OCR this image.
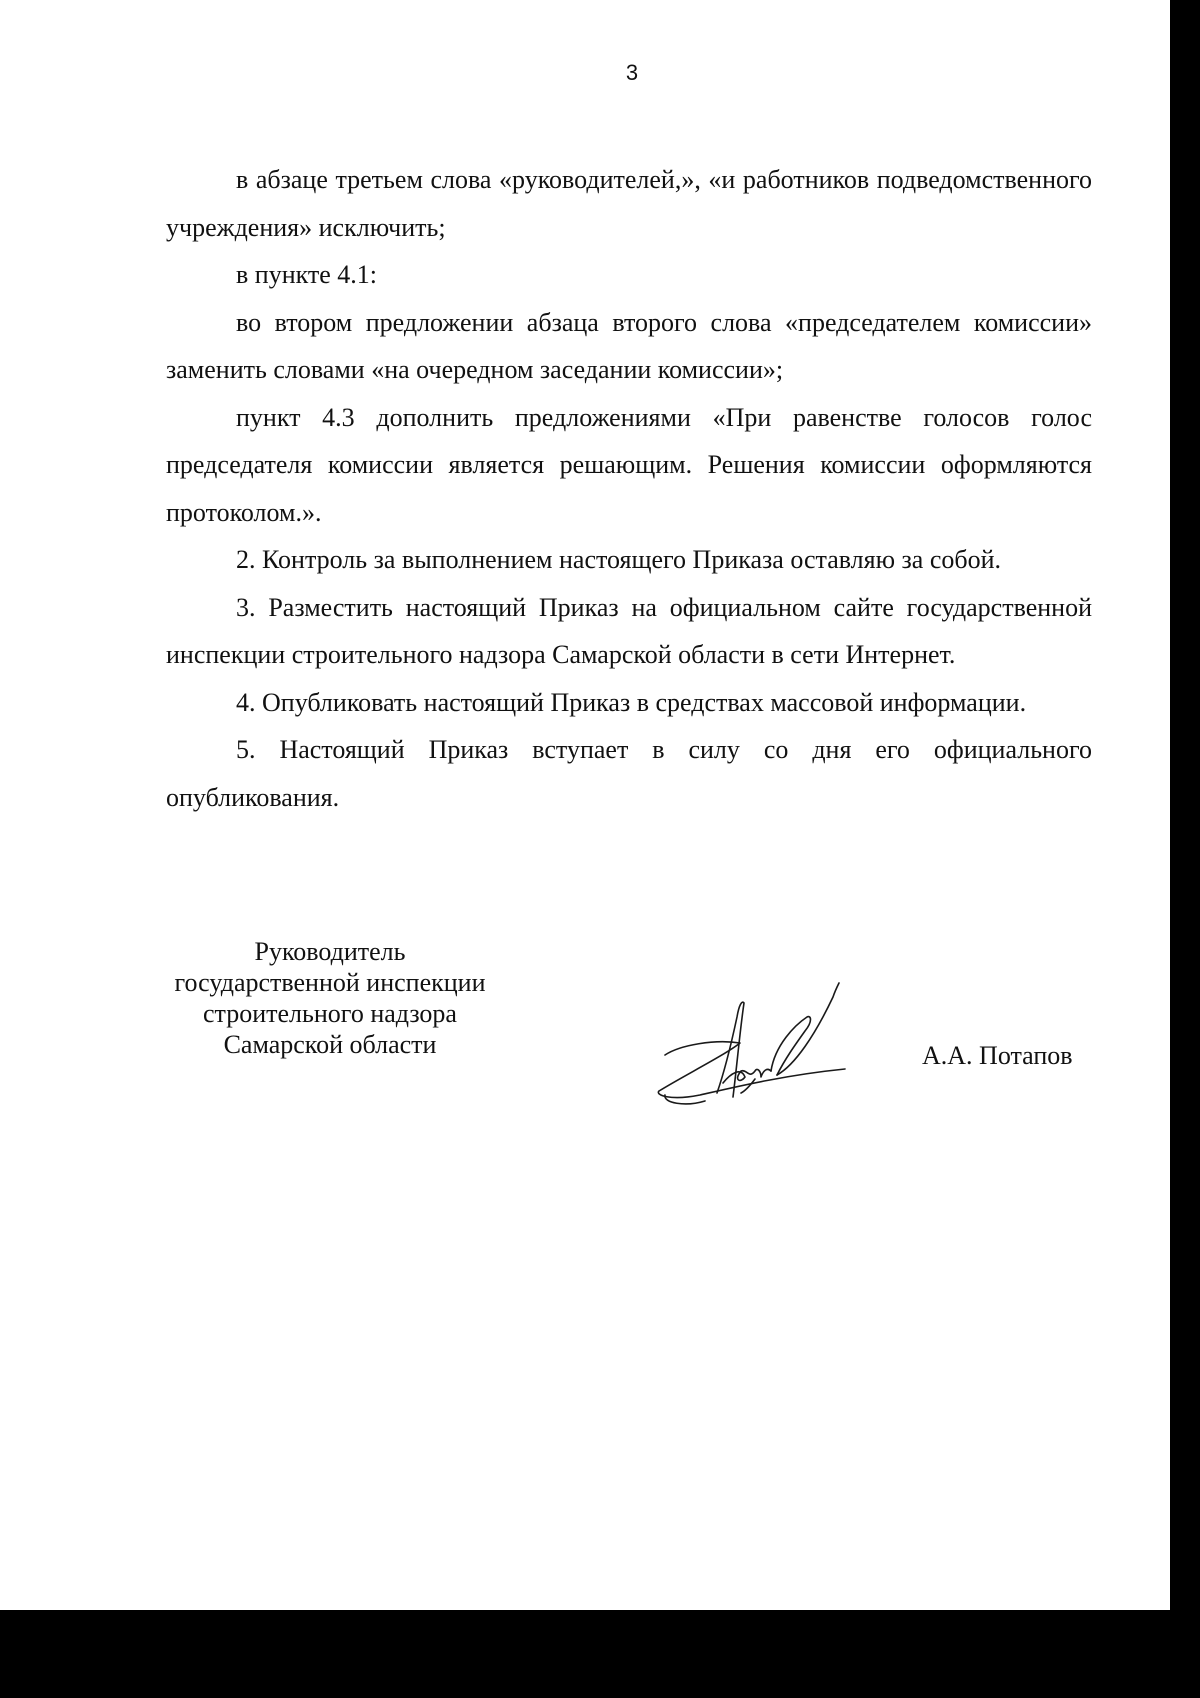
3

в абзаце третьем слова «руководителей,», «и работников подведомственного учреждения» исключить;

в пункте 4.1:

во втором предложении абзаца второго слова «председателем комиссии» заменить словами «на очередном заседании комиссии»;

пункт 4.3 дополнить предложениями «При равенстве голосов голос председателя комиссии является решающим. Решения комиссии оформляются протоколом.».

2. Контроль за выполнением настоящего Приказа оставляю за собой.

3. Разместить настоящий Приказ на официальном сайте государственной инспекции строительного надзора Самарской области в сети Интернет.

4. Опубликовать настоящий Приказ в средствах массовой информации.

5. Настоящий Приказ вступает в силу со дня его официального опубликования.

Руководитель
государственной инспекции
строительного надзора
Самарской области	А.А. Потапов
